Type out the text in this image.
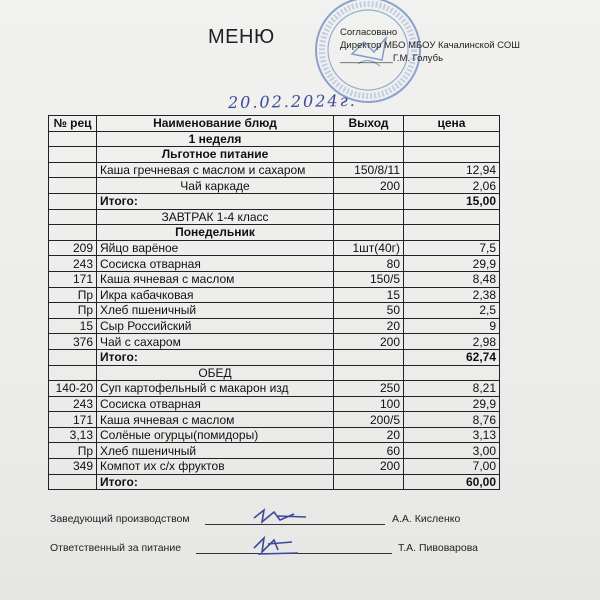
МЕНЮ	Согласовано
Директор МБО МБОУ Качалинской СОШ
__________Г.М. Голубь
20.02.2024г.
№ рец	Наименование блюд	Выход	цена
	1 неделя		
	Льготное питание		
	Каша гречневая с маслом и сахаром	150/8/11	12,94
	Чай каркаде	200	2,06
	Итого:		15,00
	ЗАВТРАК 1-4 класс		
	Понедельник		
209	Яйцо варёное	1шт(40г)	7,5
243	Сосиска отварная	80	29,9
171	Каша ячневая с маслом	150/5	8,48
Пр	Икра кабачковая	15	2,38
Пр	Хлеб пшеничный	50	2,5
15	Сыр Российский	20	9
376	Чай с сахаром	200	2,98
	Итого:		62,74
	ОБЕД		
140-20	Суп картофельный с макарон изд	250	8,21
243	Сосиска отварная	100	29,9
171	Каша ячневая с маслом	200/5	8,76
3,13	Солёные огурцы(помидоры)	20	3,13
Пр	Хлеб пшеничный	60	3,00
349	Компот их с/х фруктов	200	7,00
	Итого:		60,00
Заведующий производством	А.А. Кисленко
Ответственный за питание	Т.А. Пивоварова
